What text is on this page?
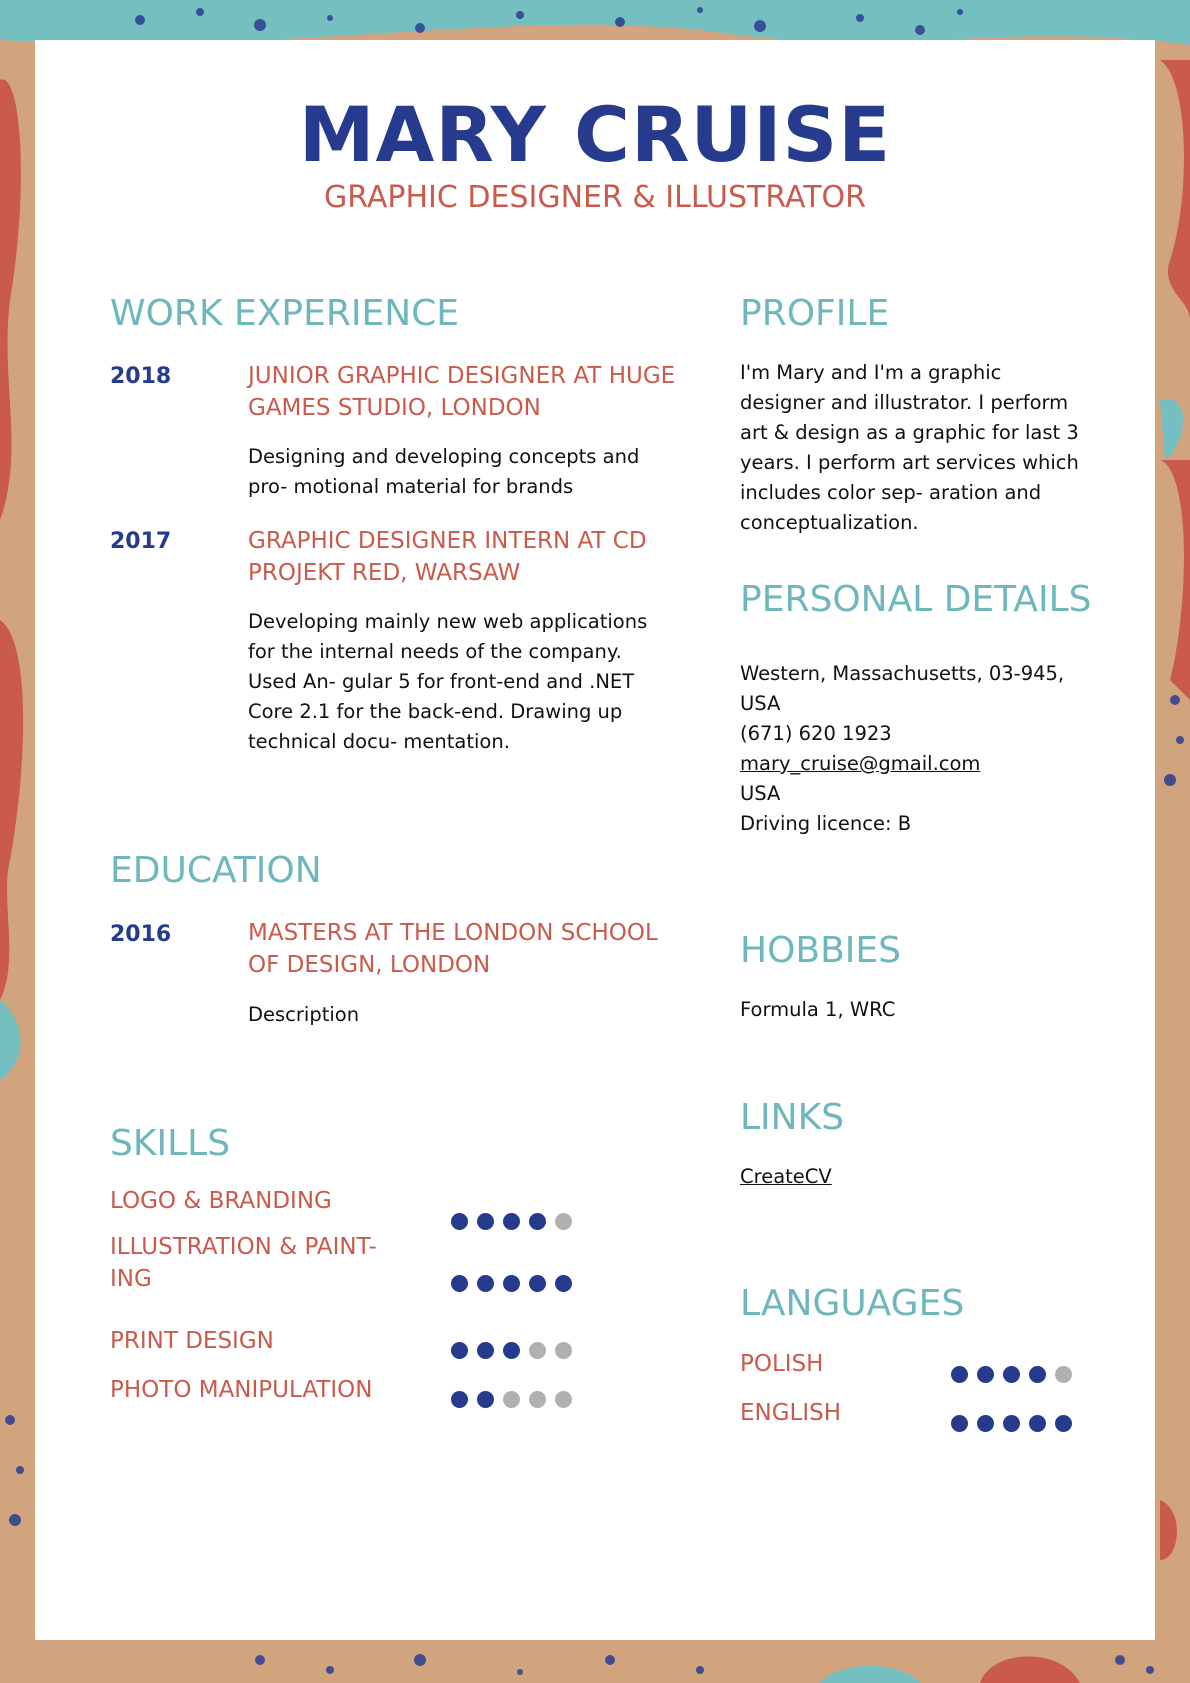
MARY CRUISE
GRAPHIC DESIGNER & ILLUSTRATOR
WORK EXPERIENCE
2018	JUNIOR GRAPHIC DESIGNER AT HUGE GAMES STUDIO, LONDON
Designing and developing concepts and pro- motional material for brands
2017	GRAPHIC DESIGNER INTERN AT CD PROJEKT RED, WARSAW
Developing mainly new web applications for the internal needs of the company. Used An- gular 5 for front-end and .NET Core 2.1 for the back-end. Drawing up technical docu- mentation.
EDUCATION
2016	MASTERS AT THE LONDON SCHOOL OF DESIGN, LONDON
Description
SKILLS
LOGO & BRANDING
ILLUSTRATION & PAINT- ING
PRINT DESIGN
PHOTO MANIPULATION
PROFILE
I'm Mary and I'm a graphic designer and illustrator. I perform art & design as a graphic for last 3 years. I perform art services which includes color sep- aration and conceptualization.
PERSONAL DETAILS
Western, Massachusetts, 03-945, USA
(671) 620 1923
mary_cruise@gmail.com
USA
Driving licence: B
HOBBIES
Formula 1, WRC
LINKS
CreateCV
LANGUAGES
POLISH
ENGLISH
